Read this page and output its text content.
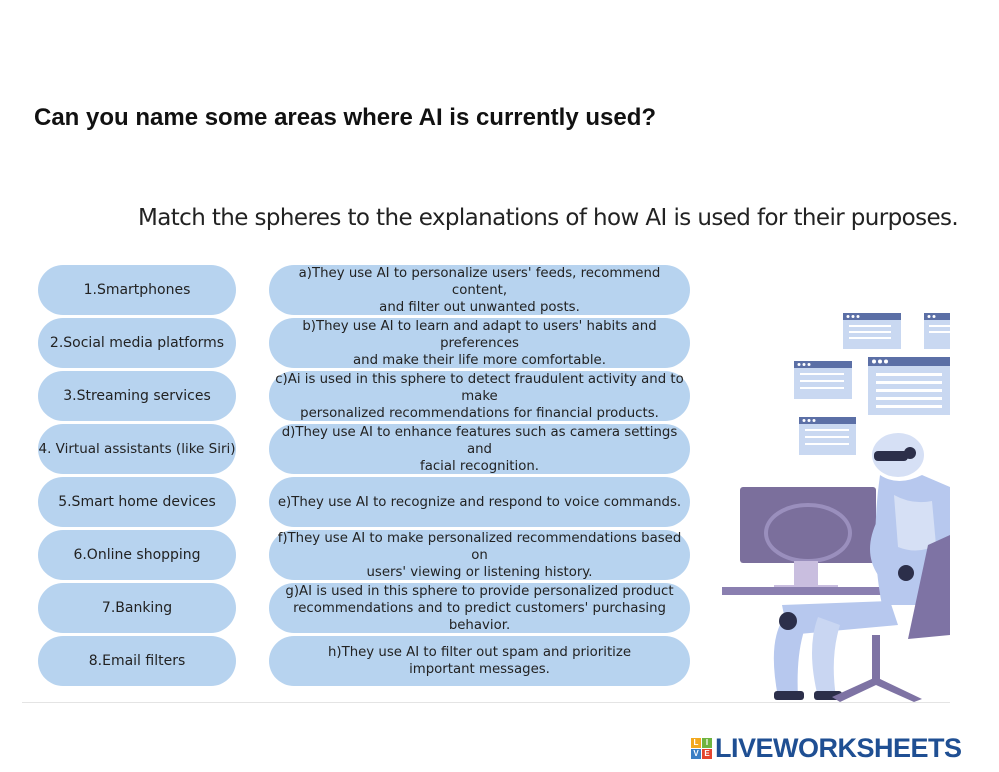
Can you name some areas where AI is currently used?
Match the spheres to the explanations of how AI is used for their purposes.
1.Smartphones
2.Social media platforms
3.Streaming services
4. Virtual assistants (like Siri)
5.Smart home devices
6.Online shopping
7.Banking
8.Email filters
a)They use AI to personalize users' feeds, recommend content,
and filter out unwanted posts.
b)They use AI to learn and adapt to users' habits and preferences
and make their life more comfortable.
c)Ai is used in this sphere to detect fraudulent activity and to make
personalized recommendations for financial products.
d)They use AI to enhance features such as camera settings and
facial recognition.
e)They use AI to recognize and respond to voice commands.
f)They use AI to make personalized recommendations based on
users' viewing or listening history.
g)AI is used in this sphere to provide personalized product
recommendations and to predict customers' purchasing behavior.
h)They use AI to filter out spam and prioritize
important messages.
L I
V E LIVEWORKSHEETS
